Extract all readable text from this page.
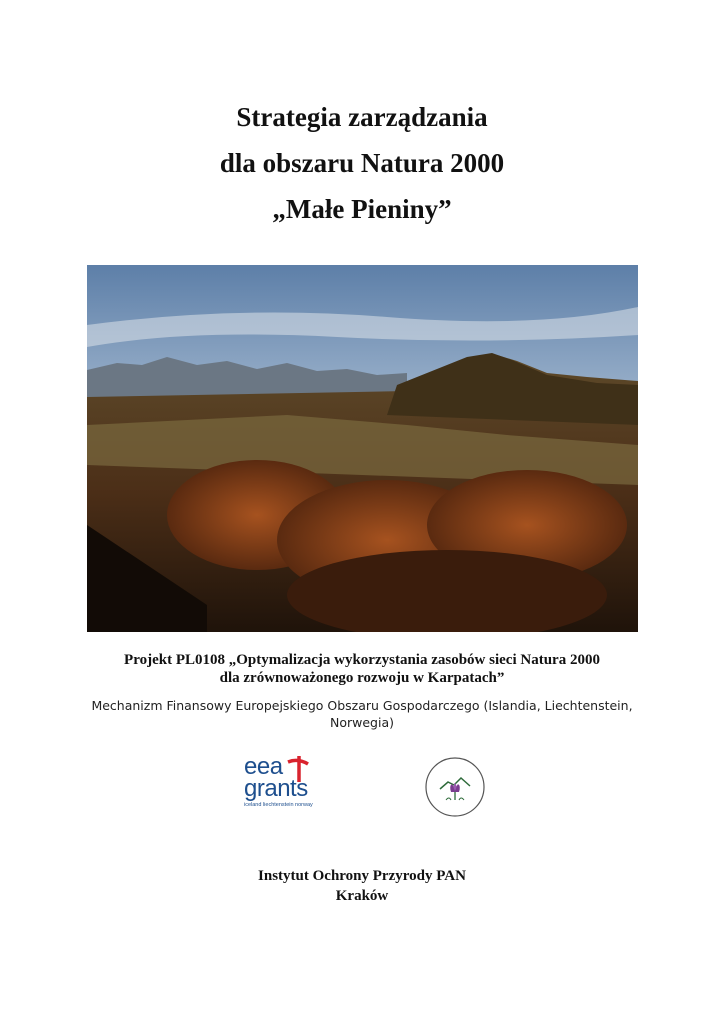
Strategia zarządzania
dla obszaru Natura 2000
„Małe Pieniny”
Projekt PL0108 „Optymalizacja wykorzystania zasobów sieci Natura 2000
dla zrównoważonego rozwoju w Karpatach”
Mechanizm Finansowy Europejskiego Obszaru Gospodarczego (Islandia, Liechtenstein,
Norwegia)
eea
grants
iceland liechtenstein norway
Instytut Ochrony Przyrody PAN
Kraków
